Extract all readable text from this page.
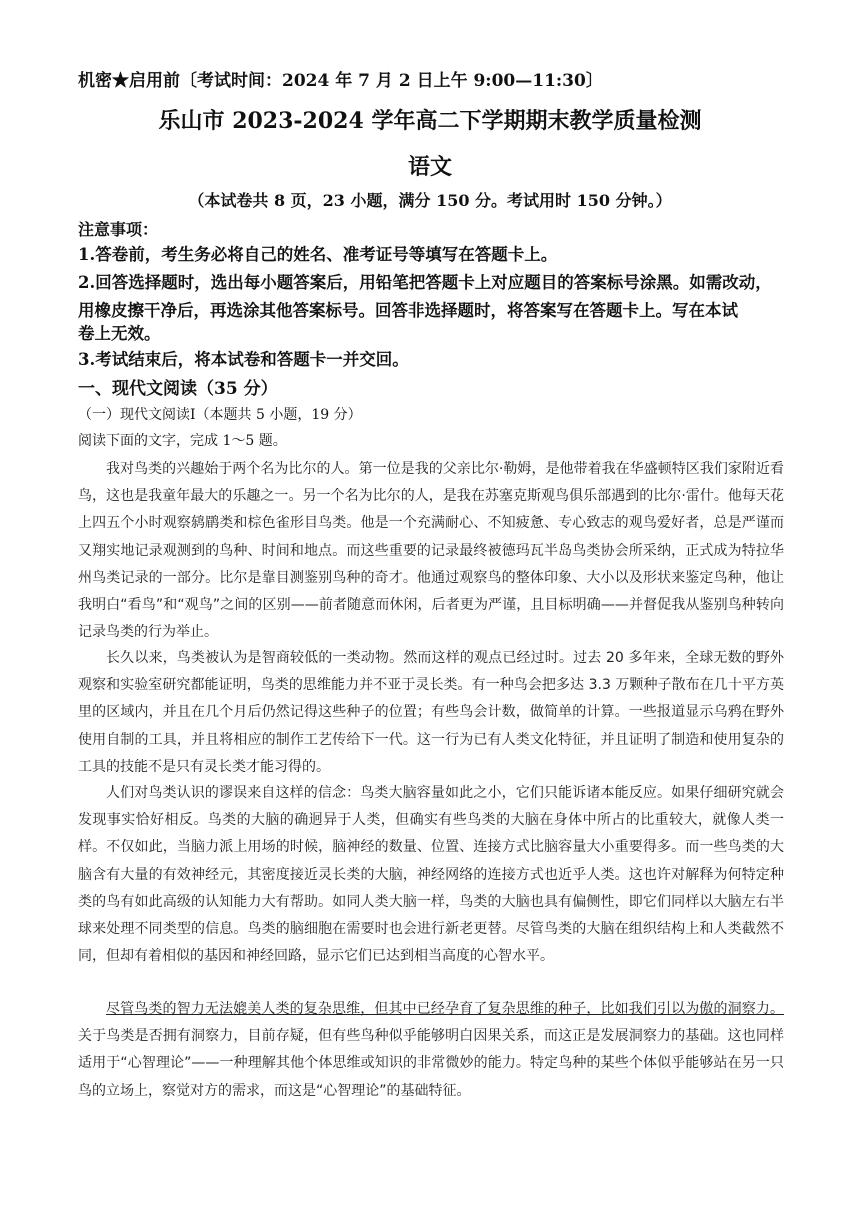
机密★启用前〔考试时间：2024 年 7 月 2 日上午 9:00—11:30〕
乐山市 2023-2024 学年高二下学期期末教学质量检测
语文
（本试卷共 8 页，23 小题，满分 150 分。考试用时 150 分钟。）
注意事项：
1.答卷前，考生务必将自己的姓名、准考证号等填写在答题卡上。
2.回答选择题时，选出每小题答案后，用铅笔把答题卡上对应题目的答案标号涂黑。如需改动，
用橡皮擦干净后，再选涂其他答案标号。回答非选择题时，将答案写在答题卡上。写在本试
卷上无效。
3.考试结束后，将本试卷和答题卡一并交回。
一、现代文阅读（35 分）
（一）现代文阅读Ⅰ（本题共 5 小题，19 分）
阅读下面的文字，完成 1～5 题。
我对鸟类的兴趣始于两个名为比尔的人。第一位是我的父亲比尔·勒姆，是他带着我在华盛顿特区我们家附近看鸟，这也是我童年最大的乐趣之一。另一个名为比尔的人，是我在苏塞克斯观鸟俱乐部遇到的比尔·雷什。他每天花上四五个小时观察鸫鹛类和棕色雀形目鸟类。他是一个充满耐心、不知疲惫、专心致志的观鸟爱好者，总是严谨而又翔实地记录观测到的鸟种、时间和地点。而这些重要的记录最终被德玛瓦半岛鸟类协会所采纳，正式成为特拉华州鸟类记录的一部分。比尔是靠目测鉴别鸟种的奇才。他通过观察鸟的整体印象、大小以及形状来鉴定鸟种，他让我明白“看鸟”和“观鸟”之间的区别——前者随意而休闲，后者更为严谨，且目标明确——并督促我从鉴别鸟种转向记录鸟类的行为举止。
长久以来，鸟类被认为是智商较低的一类动物。然而这样的观点已经过时。过去 20 多年来，全球无数的野外观察和实验室研究都能证明，鸟类的思维能力并不亚于灵长类。有一种鸟会把多达 3.3 万颗种子散布在几十平方英里的区域内，并且在几个月后仍然记得这些种子的位置；有些鸟会计数，做简单的计算。一些报道显示乌鸦在野外使用自制的工具，并且将相应的制作工艺传给下一代。这一行为已有人类文化特征，并且证明了制造和使用复杂的工具的技能不是只有灵长类才能习得的。
人们对鸟类认识的谬误来自这样的信念：鸟类大脑容量如此之小，它们只能诉诸本能反应。如果仔细研究就会发现事实恰好相反。鸟类的大脑的确迥异于人类，但确实有些鸟类的大脑在身体中所占的比重较大，就像人类一样。不仅如此，当脑力派上用场的时候，脑神经的数量、位置、连接方式比脑容量大小重要得多。而一些鸟类的大脑含有大量的有效神经元，其密度接近灵长类的大脑，神经网络的连接方式也近乎人类。这也许对解释为何特定种类的鸟有如此高级的认知能力大有帮助。如同人类大脑一样，鸟类的大脑也具有偏侧性，即它们同样以大脑左右半球来处理不同类型的信息。鸟类的脑细胞在需要时也会进行新老更替。尽管鸟类的大脑在组织结构上和人类截然不同，但却有着相似的基因和神经回路，显示它们已达到相当高度的心智水平。
尽管鸟类的智力无法媲美人类的复杂思维，但其中已经孕育了复杂思维的种子，比如我们引以为傲的洞察力。关于鸟类是否拥有洞察力，目前存疑，但有些鸟种似乎能够明白因果关系，而这正是发展洞察力的基础。这也同样适用于“心智理论”——一种理解其他个体思维或知识的非常微妙的能力。特定鸟种的某些个体似乎能够站在另一只鸟的立场上，察觉对方的需求，而这是“心智理论”的基础特征。
